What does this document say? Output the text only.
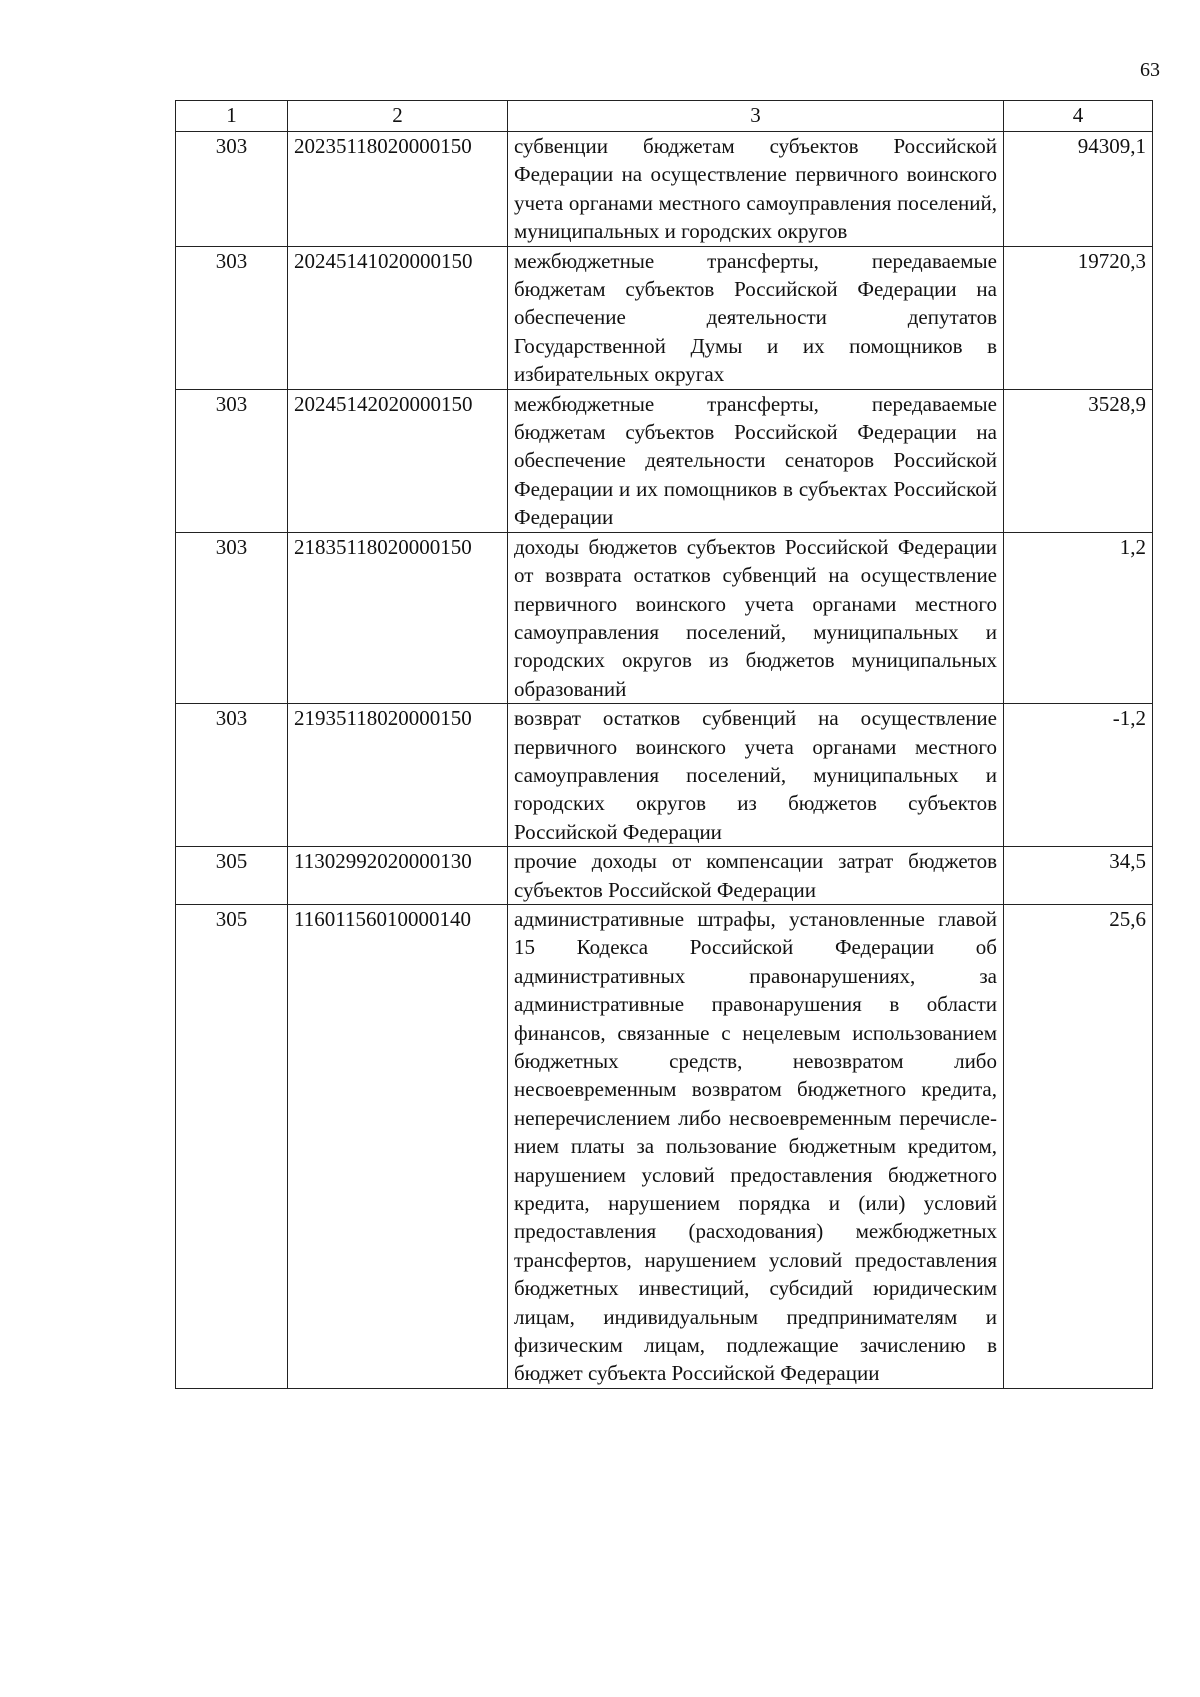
63
1	2	3	4
303	20235118020000150	субвенции бюджетам субъектов Российской Федерации на осуществление первичного воинского учета органами местного самоуправления поселений, муниципальных и городских округов	94309,1
303	20245141020000150	межбюджетные трансферты, передаваемые бюджетам субъектов Российской Федерации на обеспечение деятельности депутатов Государственной Думы и их помощников в избирательных округах	19720,3
303	20245142020000150	межбюджетные трансферты, передаваемые бюджетам субъектов Российской Федерации на обеспечение деятельности сенаторов Российской Федерации и их помощников в субъектах Российской Федерации	3528,9
303	21835118020000150	доходы бюджетов субъектов Российской Федерации от возврата остатков субвенций на осуществление первичного воинского учета органами местного самоуправления поселений, муниципальных и городских округов из бюджетов муниципальных образований	1,2
303	21935118020000150	возврат остатков субвенций на осуществление первичного воинского учета органами местного самоуправления поселений, муниципальных и городских округов из бюджетов субъектов Российской Федерации	-1,2
305	11302992020000130	прочие доходы от компенсации затрат бюджетов субъектов Российской Федерации	34,5
305	11601156010000140	административные штрафы, установленные главой 15 Кодекса Российской Федерации об административных правонарушениях, за административные правонарушения в области финансов, связанные с нецелевым использованием бюджетных средств, невозвратом либо несвоевременным возвратом бюджетного кредита, неперечислением либо несвоевременным перечислением платы за пользование бюджетным кредитом, нарушением условий предоставления бюджетного кредита, нарушением порядка и (или) условий предоставления (расходования) межбюджетных трансфертов, нарушением условий предоставления бюджетных инвестиций, субсидий юридическим лицам, индивидуальным предпринимателям и физическим лицам, подлежащие зачислению в бюджет субъекта Российской Федерации	25,6
